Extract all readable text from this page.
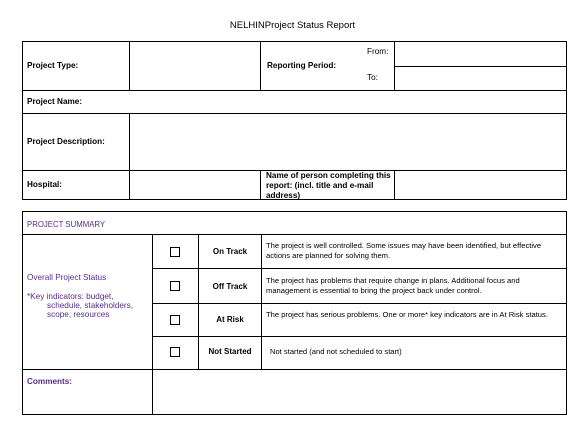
NELHINProject Status Report
Project Type:	Reporting Period:
From:
To:
Project Name:
Project Description:
Hospital:
Name of person completing this report: (incl. title and e-mail address)
PROJECT SUMMARY
Overall Project Status
*Key indicators: budget,
schedule, stakeholders,
scope, resources
On Track
The project is well controlled. Some issues may have been identified, but effective actions are planned for solving them.
Off Track
The project has problems that require change in plans. Additional focus and management is essential to bring the project back under control.
At Risk
The project has serious problems. One or more* key indicators are in At Risk status.
Not Started	Not started (and not scheduled to start)
Comments:
